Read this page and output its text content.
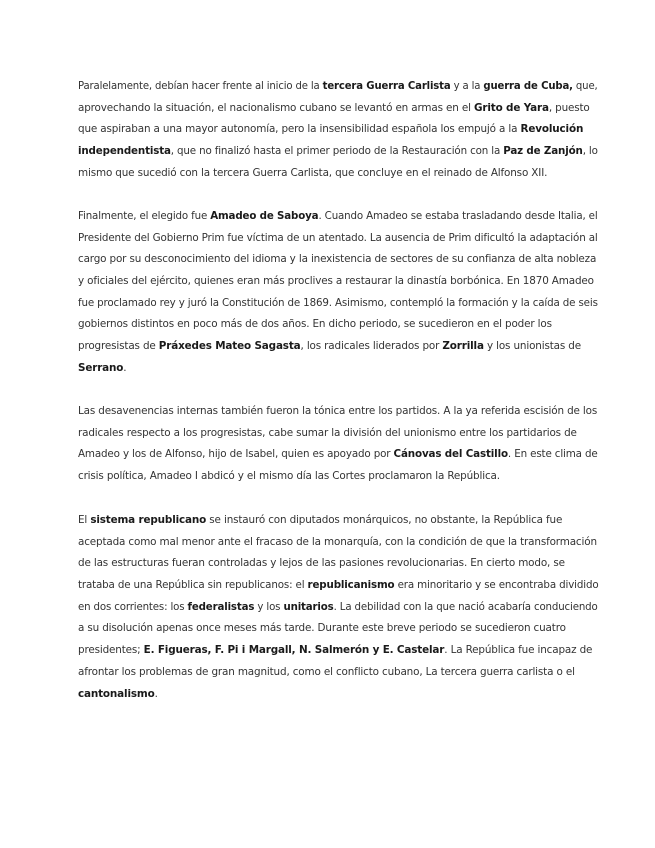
Paralelamente, debían hacer frente al inicio de la tercera Guerra Carlista y a la guerra de Cuba, que,
aprovechando la situación, el nacionalismo cubano se levantó en armas en el Grito de Yara, puesto
que aspiraban a una mayor autonomía, pero la insensibilidad española los empujó a la Revolución
independentista, que no finalizó hasta el primer periodo de la Restauración con la Paz de Zanjón, lo
mismo que sucedió con la tercera Guerra Carlista, que concluye en el reinado de Alfonso XII.
Finalmente, el elegido fue Amadeo de Saboya. Cuando Amadeo se estaba trasladando desde Italia, el
Presidente del Gobierno Prim fue víctima de un atentado. La ausencia de Prim dificultó la adaptación al
cargo por su desconocimiento del idioma y la inexistencia de sectores de su confianza de alta nobleza
y oficiales del ejército, quienes eran más proclives a restaurar la dinastía borbónica. En 1870 Amadeo
fue proclamado rey y juró la Constitución de 1869. Asimismo, contempló la formación y la caída de seis
gobiernos distintos en poco más de dos años. En dicho periodo, se sucedieron en el poder los
progresistas de Práxedes Mateo Sagasta, los radicales liderados por Zorrilla y los unionistas de
Serrano.
Las desavenencias internas también fueron la tónica entre los partidos. A la ya referida escisión de los
radicales respecto a los progresistas, cabe sumar la división del unionismo entre los partidarios de
Amadeo y los de Alfonso, hijo de Isabel, quien es apoyado por Cánovas del Castillo. En este clima de
crisis política, Amadeo I abdicó y el mismo día las Cortes proclamaron la República.
El sistema republicano se instauró con diputados monárquicos, no obstante, la República fue
aceptada como mal menor ante el fracaso de la monarquía, con la condición de que la transformación
de las estructuras fueran controladas y lejos de las pasiones revolucionarias. En cierto modo, se
trataba de una República sin republicanos: el republicanismo era minoritario y se encontraba dividido
en dos corrientes: los federalistas y los unitarios. La debilidad con la que nació acabaría conduciendo
a su disolución apenas once meses más tarde. Durante este breve periodo se sucedieron cuatro
presidentes; E. Figueras, F. Pi i Margall, N. Salmerón y E. Castelar. La República fue incapaz de
afrontar los problemas de gran magnitud, como el conflicto cubano, La tercera guerra carlista o el
cantonalismo.
